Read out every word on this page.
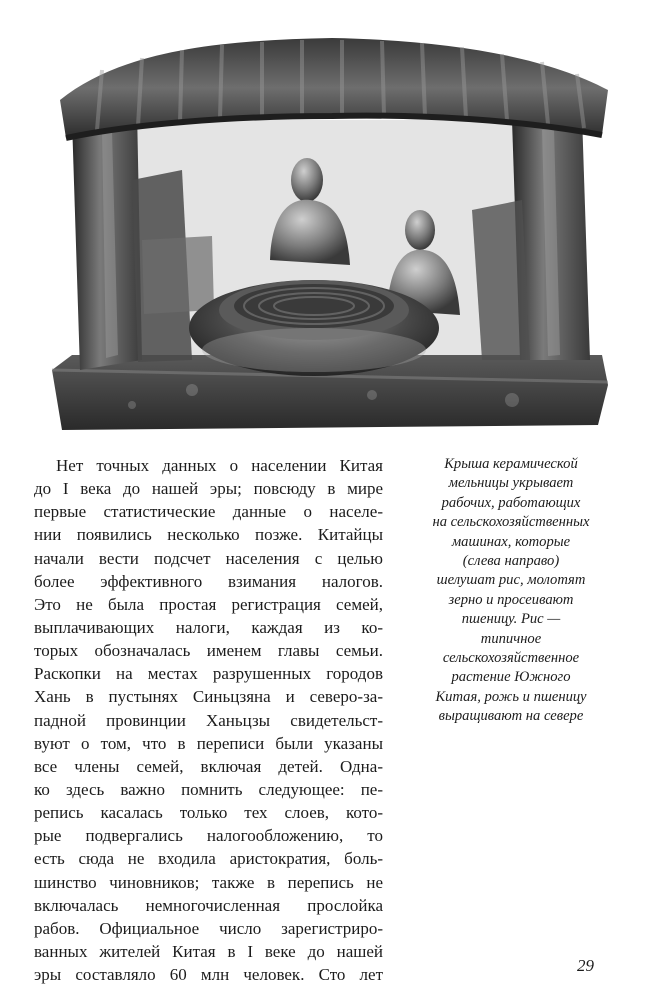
Нет точных данных о населении Китая
до I века до нашей эры; повсюду в мире
первые статистические данные о населе-
нии появились несколько позже. Китайцы
начали вести подсчет населения с целью
более эффективного взимания налогов.
Это не была простая регистрация семей,
выплачивающих налоги, каждая из ко-
торых обозначалась именем главы семьи.
Раскопки на местах разрушенных городов
Хань в пустынях Синьцзяна и северо-за-
падной провинции Ханьцзы свидетельст-
вуют о том, что в переписи были указаны
все члены семей, включая детей. Одна-
ко здесь важно помнить следующее: пе-
репись касалась только тех слоев, кото-
рые подвергались налогообложению, то
есть сюда не входила аристократия, боль-
шинство чиновников; также в перепись не
включалась немногочисленная прослойка
рабов. Официальное число зарегистриро-
ванных жителей Китая в I веке до нашей
эры составляло 60 млн человек. Сто лет
Крыша керамической
мельницы укрывает
рабочих, работающих
на сельскохозяйственных
машинах, которые
(слева направо)
шелушат рис, молотят
зерно и просеивают
пшеницу. Рис —
типичное
сельскохозяйственное
растение Южного
Китая, рожь и пшеницу
выращивают на севере
29
